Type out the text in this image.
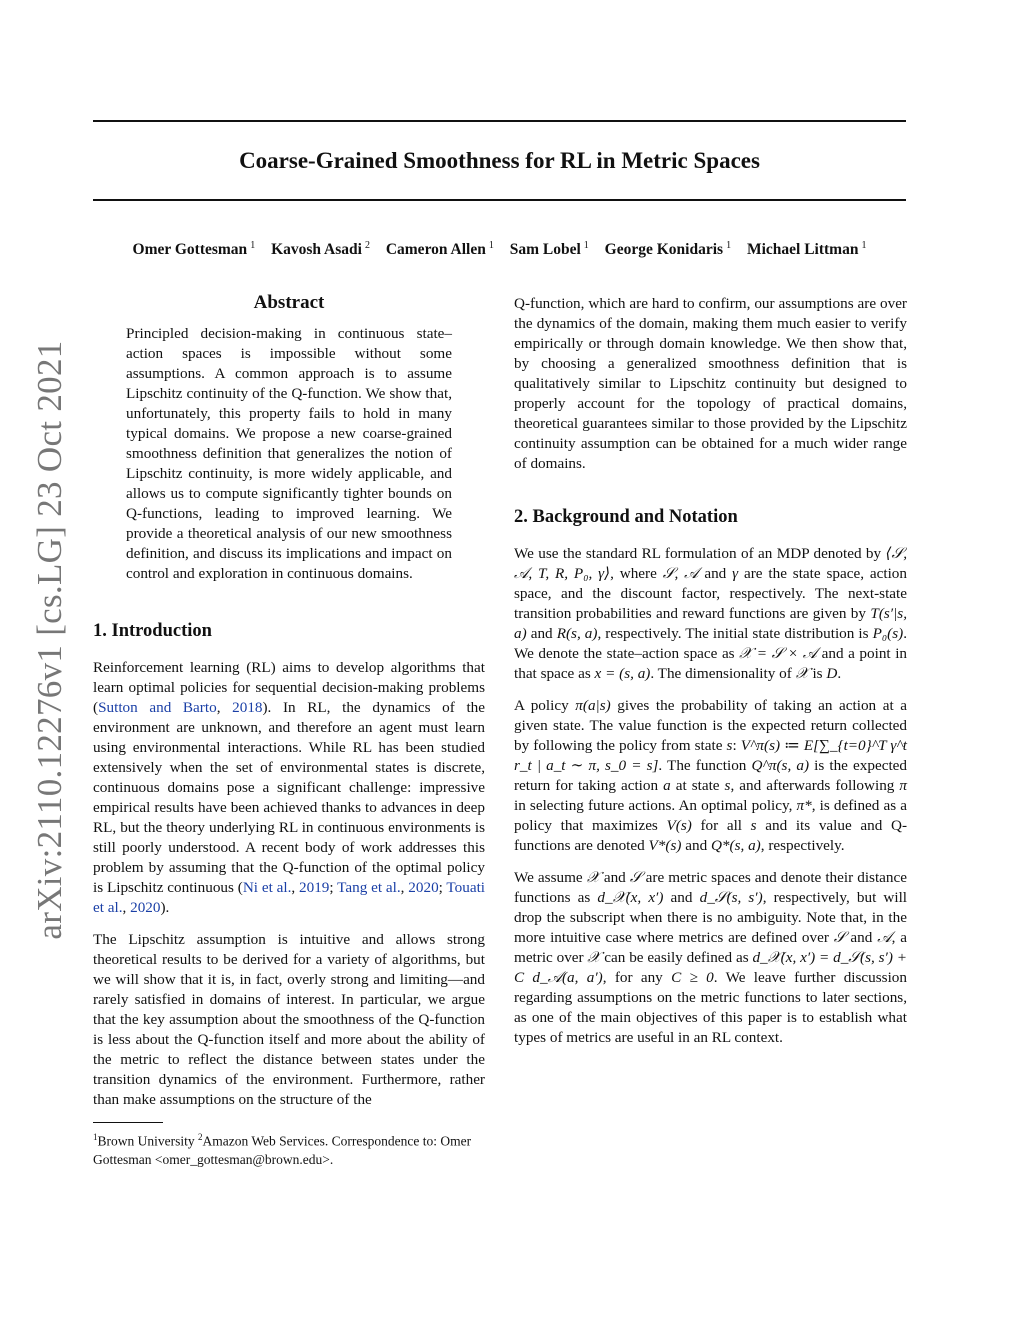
Coarse-Grained Smoothness for RL in Metric Spaces
Omer Gottesman $^1$ Kavosh Asadi $^2$ Cameron Allen $^1$ Sam Lobel $^1$ George Konidaris $^1$ Michael Littman $^1$
arXiv:2110.12276v1 [cs.LG] 23 Oct 2021
Abstract

Principled decision-making in continuous state–action spaces is impossible without some assumptions. A common approach is to assume Lipschitz continuity of the Q-function. We show that, unfortunately, this property fails to hold in many typical domains. We propose a new coarse-grained smoothness definition that generalizes the notion of Lipschitz continuity, is more widely applicable, and allows us to compute significantly tighter bounds on Q-functions, leading to improved learning. We provide a theoretical analysis of our new smoothness definition, and discuss its implications and impact on control and exploration in continuous domains.

1. Introduction

Reinforcement learning (RL) aims to develop algorithms that learn optimal policies for sequential decision-making problems (Sutton and Barto, 2018). In RL, the dynamics of the environment are unknown, and therefore an agent must learn using environmental interactions. While RL has been studied extensively when the set of environmental states is discrete, continuous domains pose a significant challenge: impressive empirical results have been achieved thanks to advances in deep RL, but the theory underlying RL in continuous environments is still poorly understood. A recent body of work addresses this problem by assuming that the Q-function of the optimal policy is Lipschitz continuous (Ni et al., 2019; Tang et al., 2020; Touati et al., 2020).

The Lipschitz assumption is intuitive and allows strong theoretical results to be derived for a variety of algorithms, but we will show that it is, in fact, overly strong and limiting—and rarely satisfied in domains of interest. In particular, we argue that the key assumption about the smoothness of the Q-function is less about the Q-function itself and more about the ability of the metric to reflect the distance between states under the transition dynamics of the environment. Furthermore, rather than make assumptions on the structure of the

$^1$Brown University $^2$Amazon Web Services. Correspondence to: Omer Gottesman <omer_gottesman@brown.edu>.

Q-function, which are hard to confirm, our assumptions are over the dynamics of the domain, making them much easier to verify empirically or through domain knowledge. We then show that, by choosing a generalized smoothness definition that is qualitatively similar to Lipschitz continuity but designed to properly account for the topology of practical domains, theoretical guarantees similar to those provided by the Lipschitz continuity assumption can be obtained for a much wider range of domains.

2. Background and Notation

We use the standard RL formulation of an MDP denoted by ⟨𝒮, 𝒜, T, R, P₀, γ⟩, where 𝒮, 𝒜 and γ are the state space, action space, and the discount factor, respectively. The next-state transition probabilities and reward functions are given by T(s′|s, a) and R(s, a), respectively. The initial state distribution is P₀(s). We denote the state–action space as 𝒳 = 𝒮 × 𝒜 and a point in that space as x = (s, a). The dimensionality of 𝒳 is D.

A policy π(a|s) gives the probability of taking an action at a given state. The value function is the expected return collected by following the policy from state s: V^π(s) ≔ E[∑_{t=0}^T γ^t r_t | a_t ∼ π, s_0 = s]. The function Q^π(s, a) is the expected return for taking action a at state s, and afterwards following π in selecting future actions. An optimal policy, π*, is defined as a policy that maximizes V(s) for all s and its value and Q-functions are denoted V*(s) and Q*(s, a), respectively.

We assume 𝒳 and 𝒮 are metric spaces and denote their distance functions as d_𝒳(x, x′) and d_𝒮(s, s′), respectively, but will drop the subscript when there is no ambiguity. Note that, in the more intuitive case where metrics are defined over 𝒮 and 𝒜, a metric over 𝒳 can be easily defined as d_𝒳(x, x′) = d_𝒮(s, s′) + C d_𝒜(a, a′), for any C ≥ 0. We leave further discussion regarding assumptions on the metric functions to later sections, as one of the main objectives of this paper is to establish what types of metrics are useful in an RL context.
